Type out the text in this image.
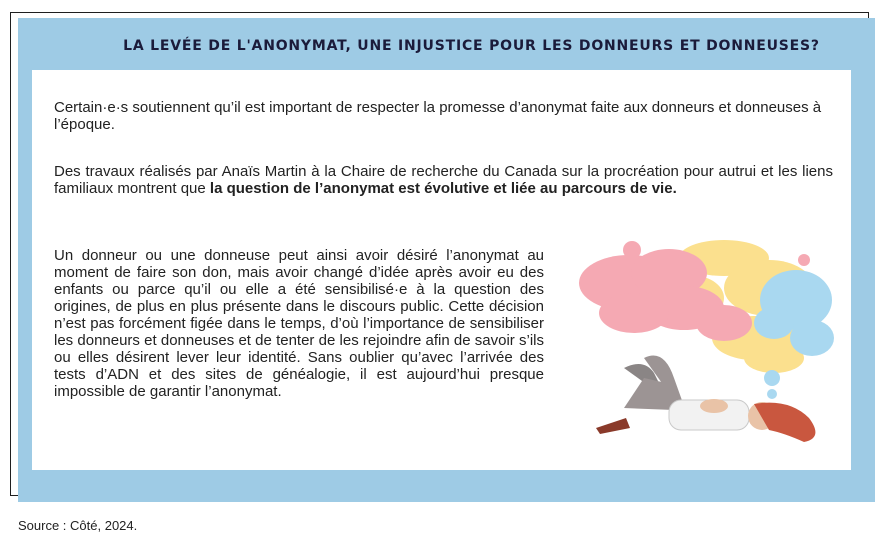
LA LEVÉE DE L'ANONYMAT, UNE INJUSTICE POUR LES DONNEURS ET DONNEUSES?
Certain·e·s soutiennent qu’il est important de respecter la promesse d’anonymat faite aux donneurs et donneuses à l’époque.
Des travaux réalisés par Anaïs Martin à la Chaire de recherche du Canada sur la procréation pour autrui et les liens familiaux montrent que la question de l’anonymat est évolutive et liée au parcours de vie.
Un donneur ou une donneuse peut ainsi avoir désiré l’anonymat au moment de faire son don, mais avoir changé d’idée après avoir eu des enfants ou parce qu’il ou elle a été sensibilisé·e à la question des origines, de plus en plus présente dans le discours public. Cette décision n’est pas forcément figée dans le temps, d’où l’importance de sensibiliser les donneurs et donneuses et de tenter de les rejoindre afin de savoir s’ils ou elles désirent lever leur identité. Sans oublier qu’avec l’arrivée des tests d’ADN et des sites de généalogie, il est aujourd’hui presque impossible de garantir l’anonymat.
Source : Côté, 2024.
